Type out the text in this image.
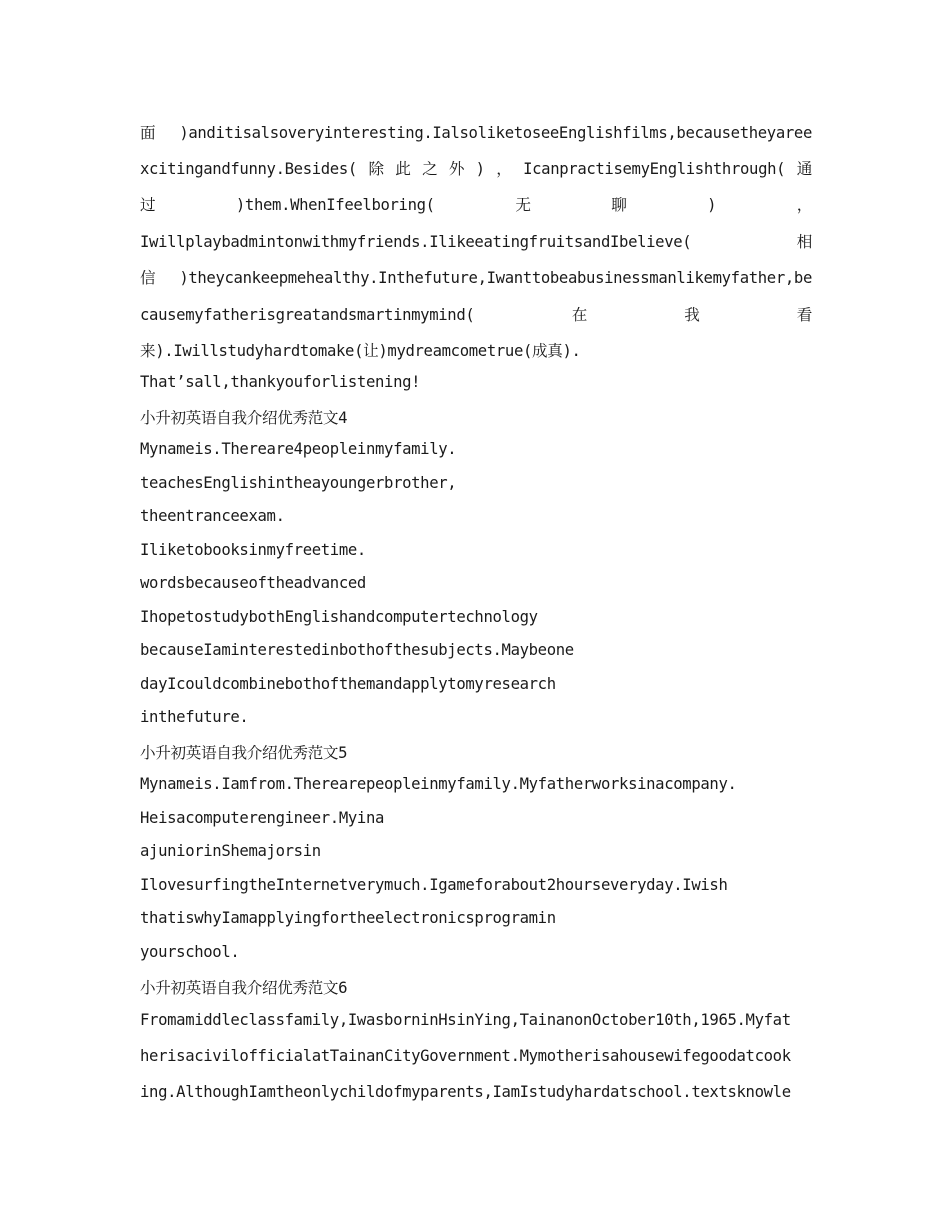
面)anditisalsoveryinteresting.IalsoliketoseeEnglishfilms,becausetheyaree
xcitingandfunny.Besides(除此之外)，IcanpractisemyEnglishthrough(通
过　　　　)them.WhenIfeelboring(　　　　无　　　　聊　　　　)　　　　，
Iwillplaybadmintonwithmyfriends.IlikeeatingfruitsandIbelieve(　　　　相
信)theycankeepmehealthy.Inthefuture,Iwanttobeabusinessmanlikemyfather,be
causemyfatherisgreatandsmartinmymind(　　　　在　　　　我　　　　看
来).Iwillstudyhardtomake(让)mydreamcometrue(成真).
That’sall,thankyouforlistening!
小升初英语自我介绍优秀范文4
Mynameis.Thereare4peopleinmyfamily.
teachesEnglishintheayoungerbrother,
theentranceexam.
Iliketobooksinmyfreetime.
wordsbecauseoftheadvanced
IhopetostudybothEnglishandcomputertechnology
becauseIaminterestedinbothofthesubjects.Maybeone
dayIcouldcombinebothofthemandapplytomyresearch
inthefuture.
小升初英语自我介绍优秀范文5
Mynameis.Iamfrom.Therearepeopleinmyfamily.Myfatherworksinacompany.
Heisacomputerengineer.Myina
ajuniorinShemajorsin
IlovesurfingtheInternetverymuch.Igameforabout2hourseveryday.Iwish
thatiswhyIamapplyingfortheelectronicsprogramin
yourschool.
小升初英语自我介绍优秀范文6
Fromamiddleclassfamily,IwasborninHsinYing,TainanonOctober10th,1965.Myfat
herisacivilofficialatTainanCityGovernment.Mymotherisahousewifegoodatcook
ing.AlthoughIamtheonlychildofmyparents,IamIstudyhardatschool.textsknowle
